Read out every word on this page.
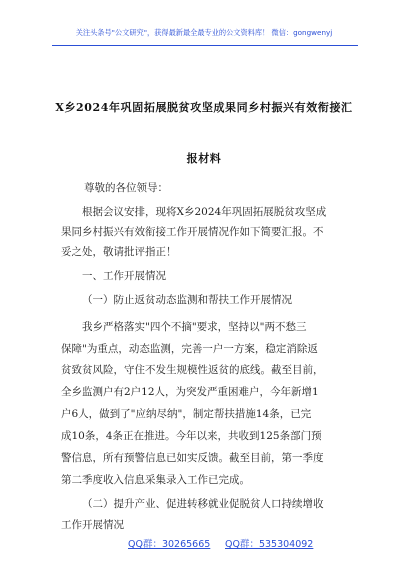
关注头条号"公文研究"，获得最新最全最专业的公文资料库！ 微信：gongwenyj
X乡2024年巩固拓展脱贫攻坚成果同乡村振兴有效衔接汇
报材料
尊敬的各位领导：
根据会议安排，现将X乡2024年巩固拓展脱贫攻坚成
果同乡村振兴有效衔接工作开展情况作如下简要汇报。不
妥之处，敬请批评指正！
一、工作开展情况
（一）防止返贫动态监测和帮扶工作开展情况
我乡严格落实"四个不摘"要求，坚持以"两不愁三
保障"为重点，动态监测，完善一户一方案，稳定消除返
贫致贫风险，守住不发生规模性返贫的底线。截至目前，
全乡监测户有2户12人，为突发严重困难户，今年新增1
户6人，做到了"应纳尽纳"，制定帮扶措施14条，已完
成10条，4条正在推进。今年以来，共收到125条部门预
警信息，所有预警信息已如实反馈。截至目前，第一季度
第二季度收入信息采集录入工作已完成。
（二）提升产业、促进转移就业促脱贫人口持续增收
工作开展情况
QQ群：30265665 QQ群：535304092
